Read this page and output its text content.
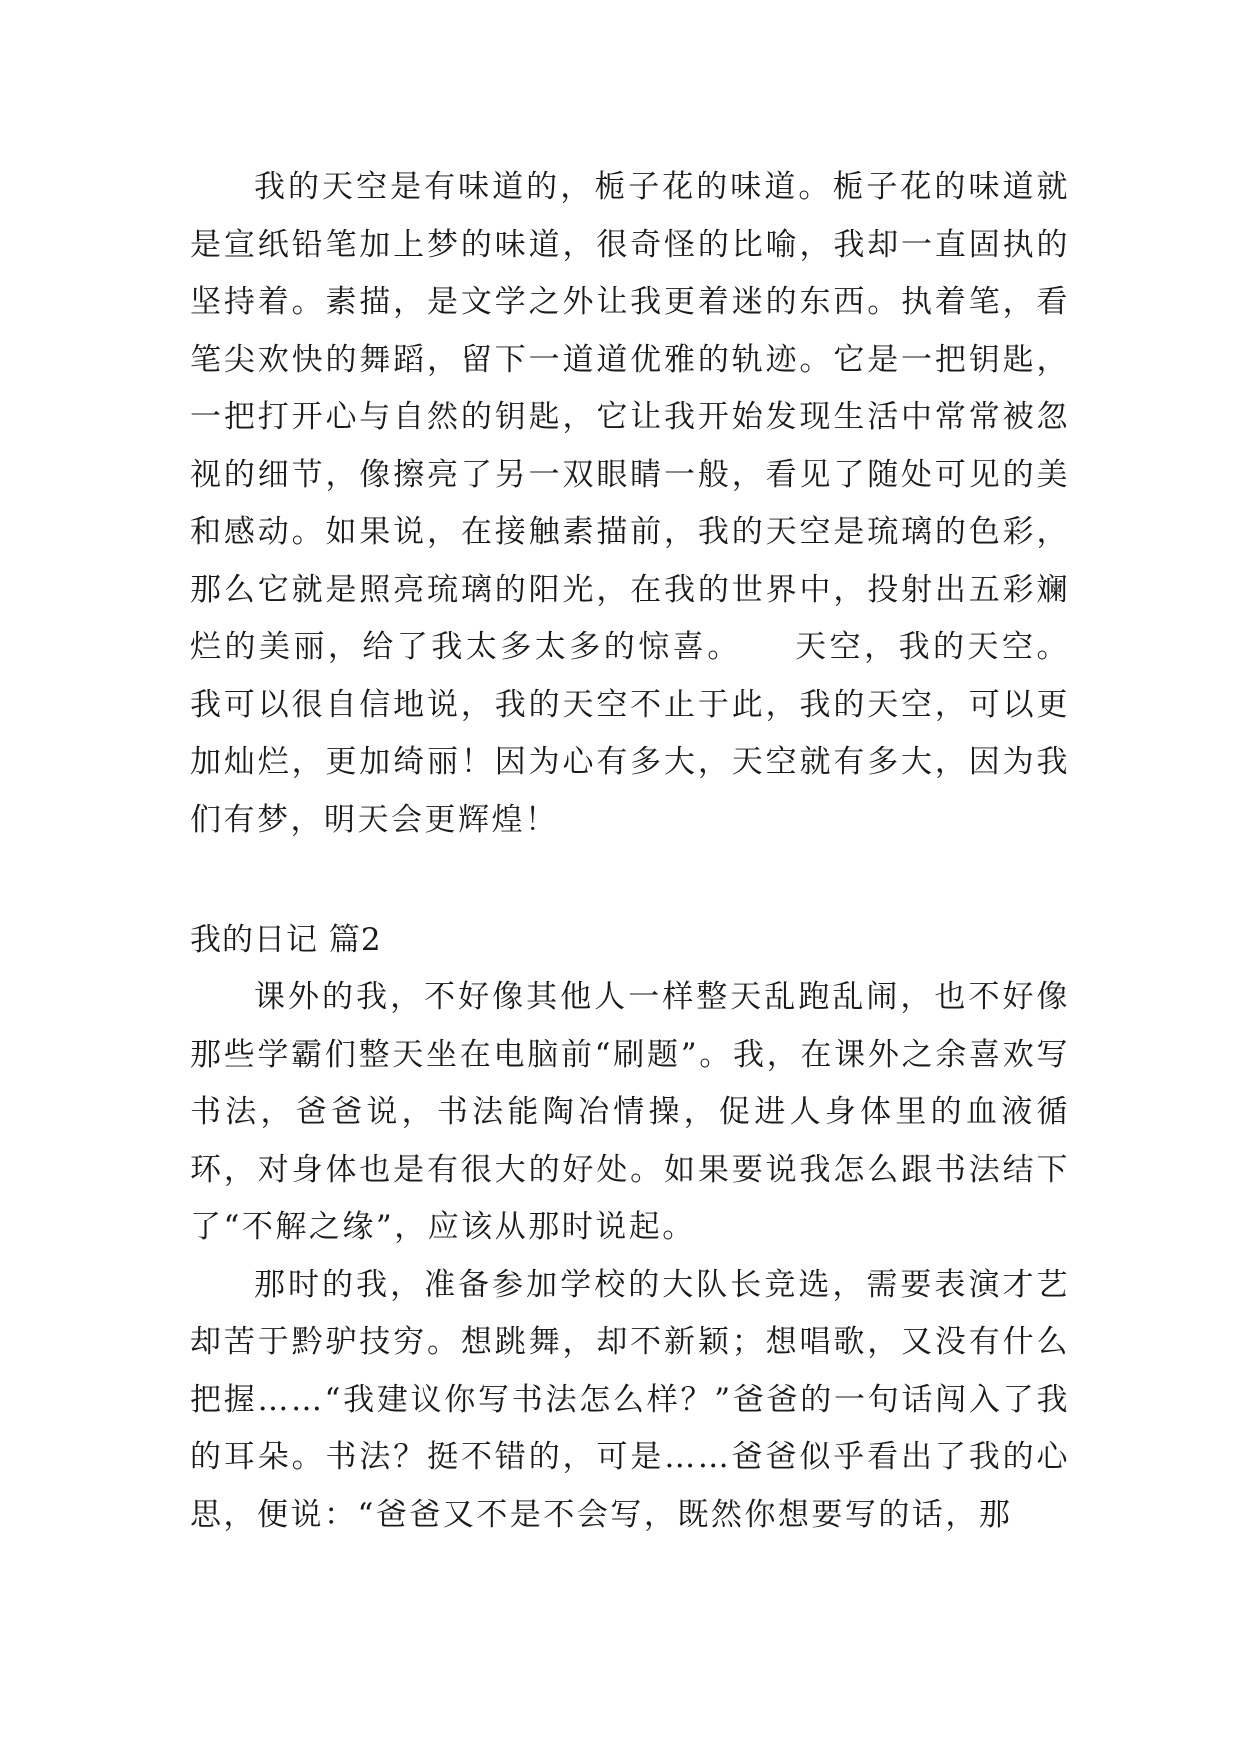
我的天空是有味道的，栀子花的味道。栀子花的味道就是宣纸铅笔加上梦的味道，很奇怪的比喻，我却一直固执的坚持着。素描，是文学之外让我更着迷的东西。执着笔，看笔尖欢快的舞蹈，留下一道道优雅的轨迹。它是一把钥匙，一把打开心与自然的钥匙，它让我开始发现生活中常常被忽视的细节，像擦亮了另一双眼睛一般，看见了随处可见的美和感动。如果说，在接触素描前，我的天空是琉璃的色彩，那么它就是照亮琉璃的阳光，在我的世界中，投射出五彩斓烂的美丽，给了我太多太多的惊喜。　　天空，我的天空。我可以很自信地说，我的天空不止于此，我的天空，可以更加灿烂，更加绮丽！因为心有多大，天空就有多大，因为我们有梦，明天会更辉煌！

我的日记 篇2

课外的我，不好像其他人一样整天乱跑乱闹，也不好像那些学霸们整天坐在电脑前“刷题”。我，在课外之余喜欢写书法，爸爸说，书法能陶冶情操，促进人身体里的血液循环，对身体也是有很大的好处。如果要说我怎么跟书法结下了“不解之缘”，应该从那时说起。

那时的我，准备参加学校的大队长竞选，需要表演才艺却苦于黔驴技穷。想跳舞，却不新颖；想唱歌，又没有什么把握……“我建议你写书法怎么样？”爸爸的一句话闯入了我的耳朵。书法？挺不错的，可是……爸爸似乎看出了我的心思，便说：“爸爸又不是不会写，既然你想要写的话，那
